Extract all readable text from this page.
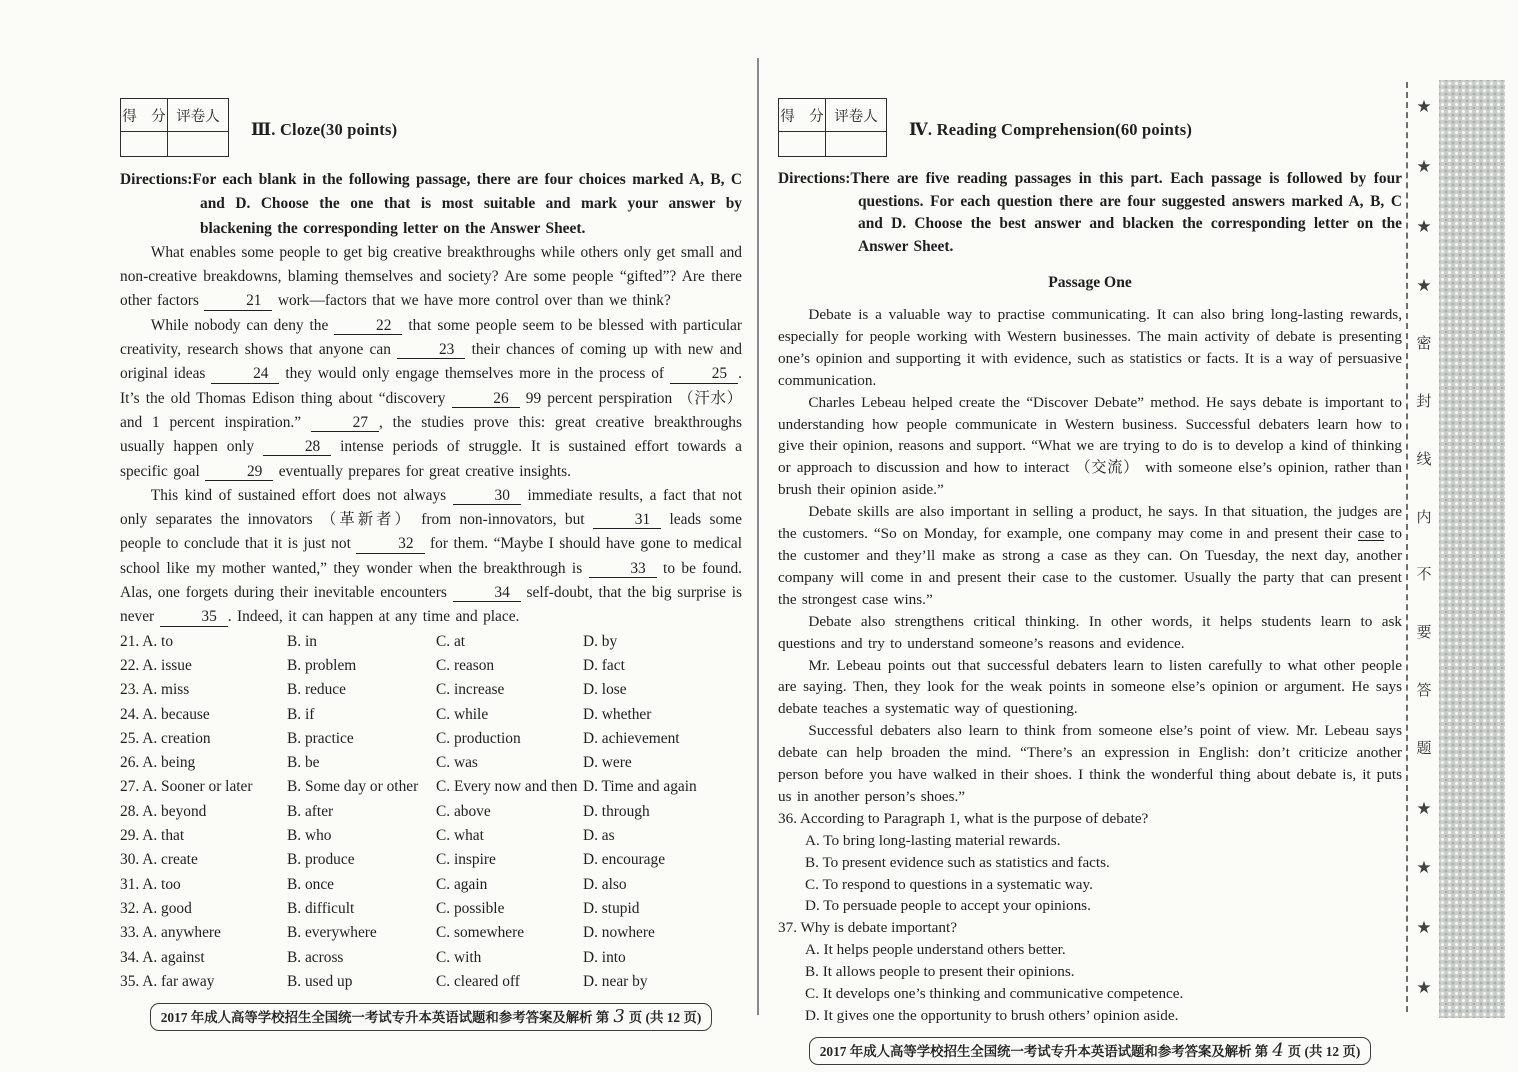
得　分	评卷人

Ⅲ. Cloze(30 points)
Directions:For each blank in the following passage, there are four choices marked A, B, C and D. Choose the one that is most suitable and mark your answer by blackening the corresponding letter on the Answer Sheet.

What enables some people to get big creative breakthroughs while others only get small and non-creative breakdowns, blaming themselves and society? Are some people “gifted”? Are there other factors	21 work—factors that we have more control over than we think?

While nobody can deny the	22 that some people seem to be blessed with particular creativity, research shows that anyone can	23 their chances of coming up with new and original ideas	24 they would only engage themselves more in the process of	25 . It’s the old Thomas Edison thing about “discovery	26 99 percent perspiration （汗水） and 1 percent inspiration.”	27 , the studies prove this: great creative breakthroughs usually happen only	28 intense periods of struggle. It is sustained effort towards a specific goal	29 eventually prepares for great creative insights.

This kind of sustained effort does not always	30 immediate results, a fact that not only separates the innovators （革新者） from non-innovators, but	31 leads some people to conclude that it is just not	32 for them. “Maybe I should have gone to medical school like my mother wanted,” they wonder when the breakthrough is	33 to be found. Alas, one forgets during their inevitable encounters	34 self-doubt, that the big surprise is never	35 . Indeed, it can happen at any time and place.

21. A. to	B. in	C. at	D. by
22. A. issue	B. problem	C. reason	D. fact
23. A. miss	B. reduce	C. increase	D. lose
24. A. because	B. if	C. while	D. whether
25. A. creation	B. practice	C. production	D. achievement
26. A. being	B. be	C. was	D. were
27. A. Sooner or later	B. Some day or other	C. Every now and then D. Time and again
28. A. beyond	B. after	C. above	D. through
29. A. that	B. who	C. what	D. as
30. A. create	B. produce	C. inspire	D. encourage
31. A. too	B. once	C. again	D. also
32. A. good	B. difficult	C. possible	D. stupid
33. A. anywhere	B. everywhere	C. somewhere	D. nowhere
34. A. against	B. across	C. with	D. into
35. A. far away	B. used up	C. cleared off	D. near by
2017 年成人高等学校招生全国统一考试专升本英语试题和参考答案及解析 第 3 页 (共 12 页)
得　分	评卷人

Ⅳ. Reading Comprehension(60 points)
Directions:There are five reading passages in this part. Each passage is followed by four questions. For each question there are four suggested answers marked A, B, C and D. Choose the best answer and blacken the corresponding letter on the Answer Sheet.
Passage One

Debate is a valuable way to practise communicating. It can also bring long-lasting rewards, especially for people working with Western businesses. The main activity of debate is presenting one’s opinion and supporting it with evidence, such as statistics or facts. It is a way of persuasive communication.

Charles Lebeau helped create the “Discover Debate” method. He says debate is important to understanding how people communicate in Western business. Successful debaters learn how to give their opinion, reasons and support. “What we are trying to do is to develop a kind of thinking or approach to discussion and how to interact （交流） with someone else’s opinion, rather than brush their opinion aside.”

Debate skills are also important in selling a product, he says. In that situation, the judges are the customers. “So on Monday, for example, one company may come in and present their case to the customer and they’ll make as strong a case as they can. On Tuesday, the next day, another company will come in and present their case to the customer. Usually the party that can present the strongest case wins.”

Debate also strengthens critical thinking. In other words, it helps students learn to ask questions and try to understand someone’s reasons and evidence.

Mr. Lebeau points out that successful debaters learn to listen carefully to what other people are saying. Then, they look for the weak points in someone else’s opinion or argument. He says debate teaches a systematic way of questioning.

Successful debaters also learn to think from someone else’s point of view. Mr. Lebeau says debate can help broaden the mind. “There’s an expression in English: don’t criticize another person before you have walked in their shoes. I think the wonderful thing about debate is, it puts us in another person’s shoes.”

36. According to Paragraph 1, what is the purpose of debate?
A. To bring long-lasting material rewards.
B. To present evidence such as statistics and facts.
C. To respond to questions in a systematic way.
D. To persuade people to accept your opinions.
37. Why is debate important?
A. It helps people understand others better.
B. It allows people to present their opinions.
C. It develops one’s thinking and communicative competence.
D. It gives one the opportunity to brush others’ opinion aside.
2017 年成人高等学校招生全国统一考试专升本英语试题和参考答案及解析 第 4 页 (共 12 页)
★
★
★
★
密
封
线
内
不
要
答
题
★
★
★
★
